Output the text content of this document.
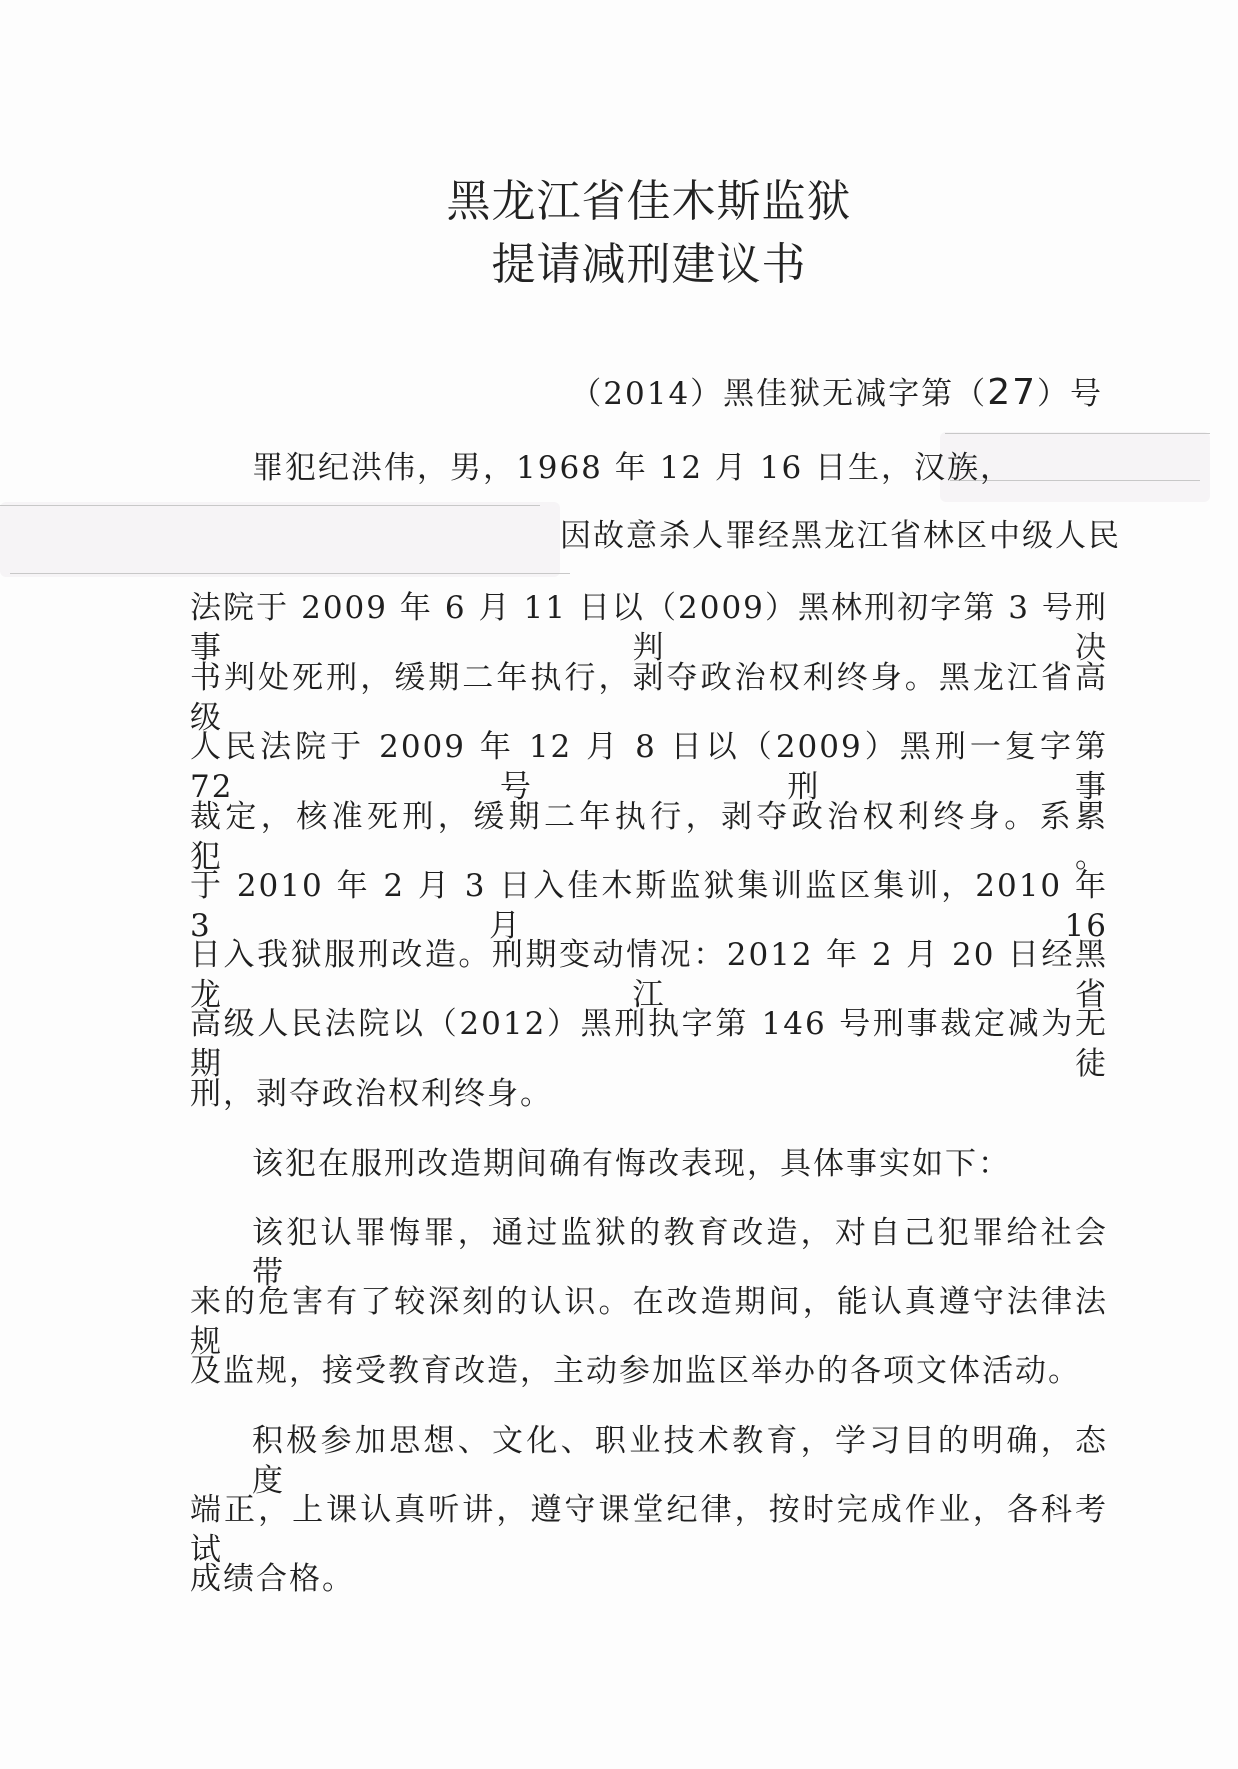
黑龙江省佳木斯监狱
提请减刑建议书
（2014）黑佳狱无减字第（27）号
罪犯纪洪伟，男，1968 年 12 月 16 日生，汉族，
因故意杀人罪经黑龙江省林区中级人民
法院于 2009 年 6 月 11 日以（2009）黑林刑初字第 3 号刑事判决
书判处死刑，缓期二年执行，剥夺政治权利终身。黑龙江省高级
人民法院于 2009 年 12 月 8 日以（2009）黑刑一复字第 72 号刑事
裁定，核准死刑，缓期二年执行，剥夺政治权利终身。系累犯。
于 2010 年 2 月 3 日入佳木斯监狱集训监区集训，2010 年 3 月 16
日入我狱服刑改造。刑期变动情况：2012 年 2 月 20 日经黑龙江省
高级人民法院以（2012）黑刑执字第 146 号刑事裁定减为无期徒
刑，剥夺政治权利终身。
该犯在服刑改造期间确有悔改表现，具体事实如下：
该犯认罪悔罪，通过监狱的教育改造，对自己犯罪给社会带
来的危害有了较深刻的认识。在改造期间，能认真遵守法律法规
及监规，接受教育改造，主动参加监区举办的各项文体活动。
积极参加思想、文化、职业技术教育，学习目的明确，态度
端正，上课认真听讲，遵守课堂纪律，按时完成作业，各科考试
成绩合格。
